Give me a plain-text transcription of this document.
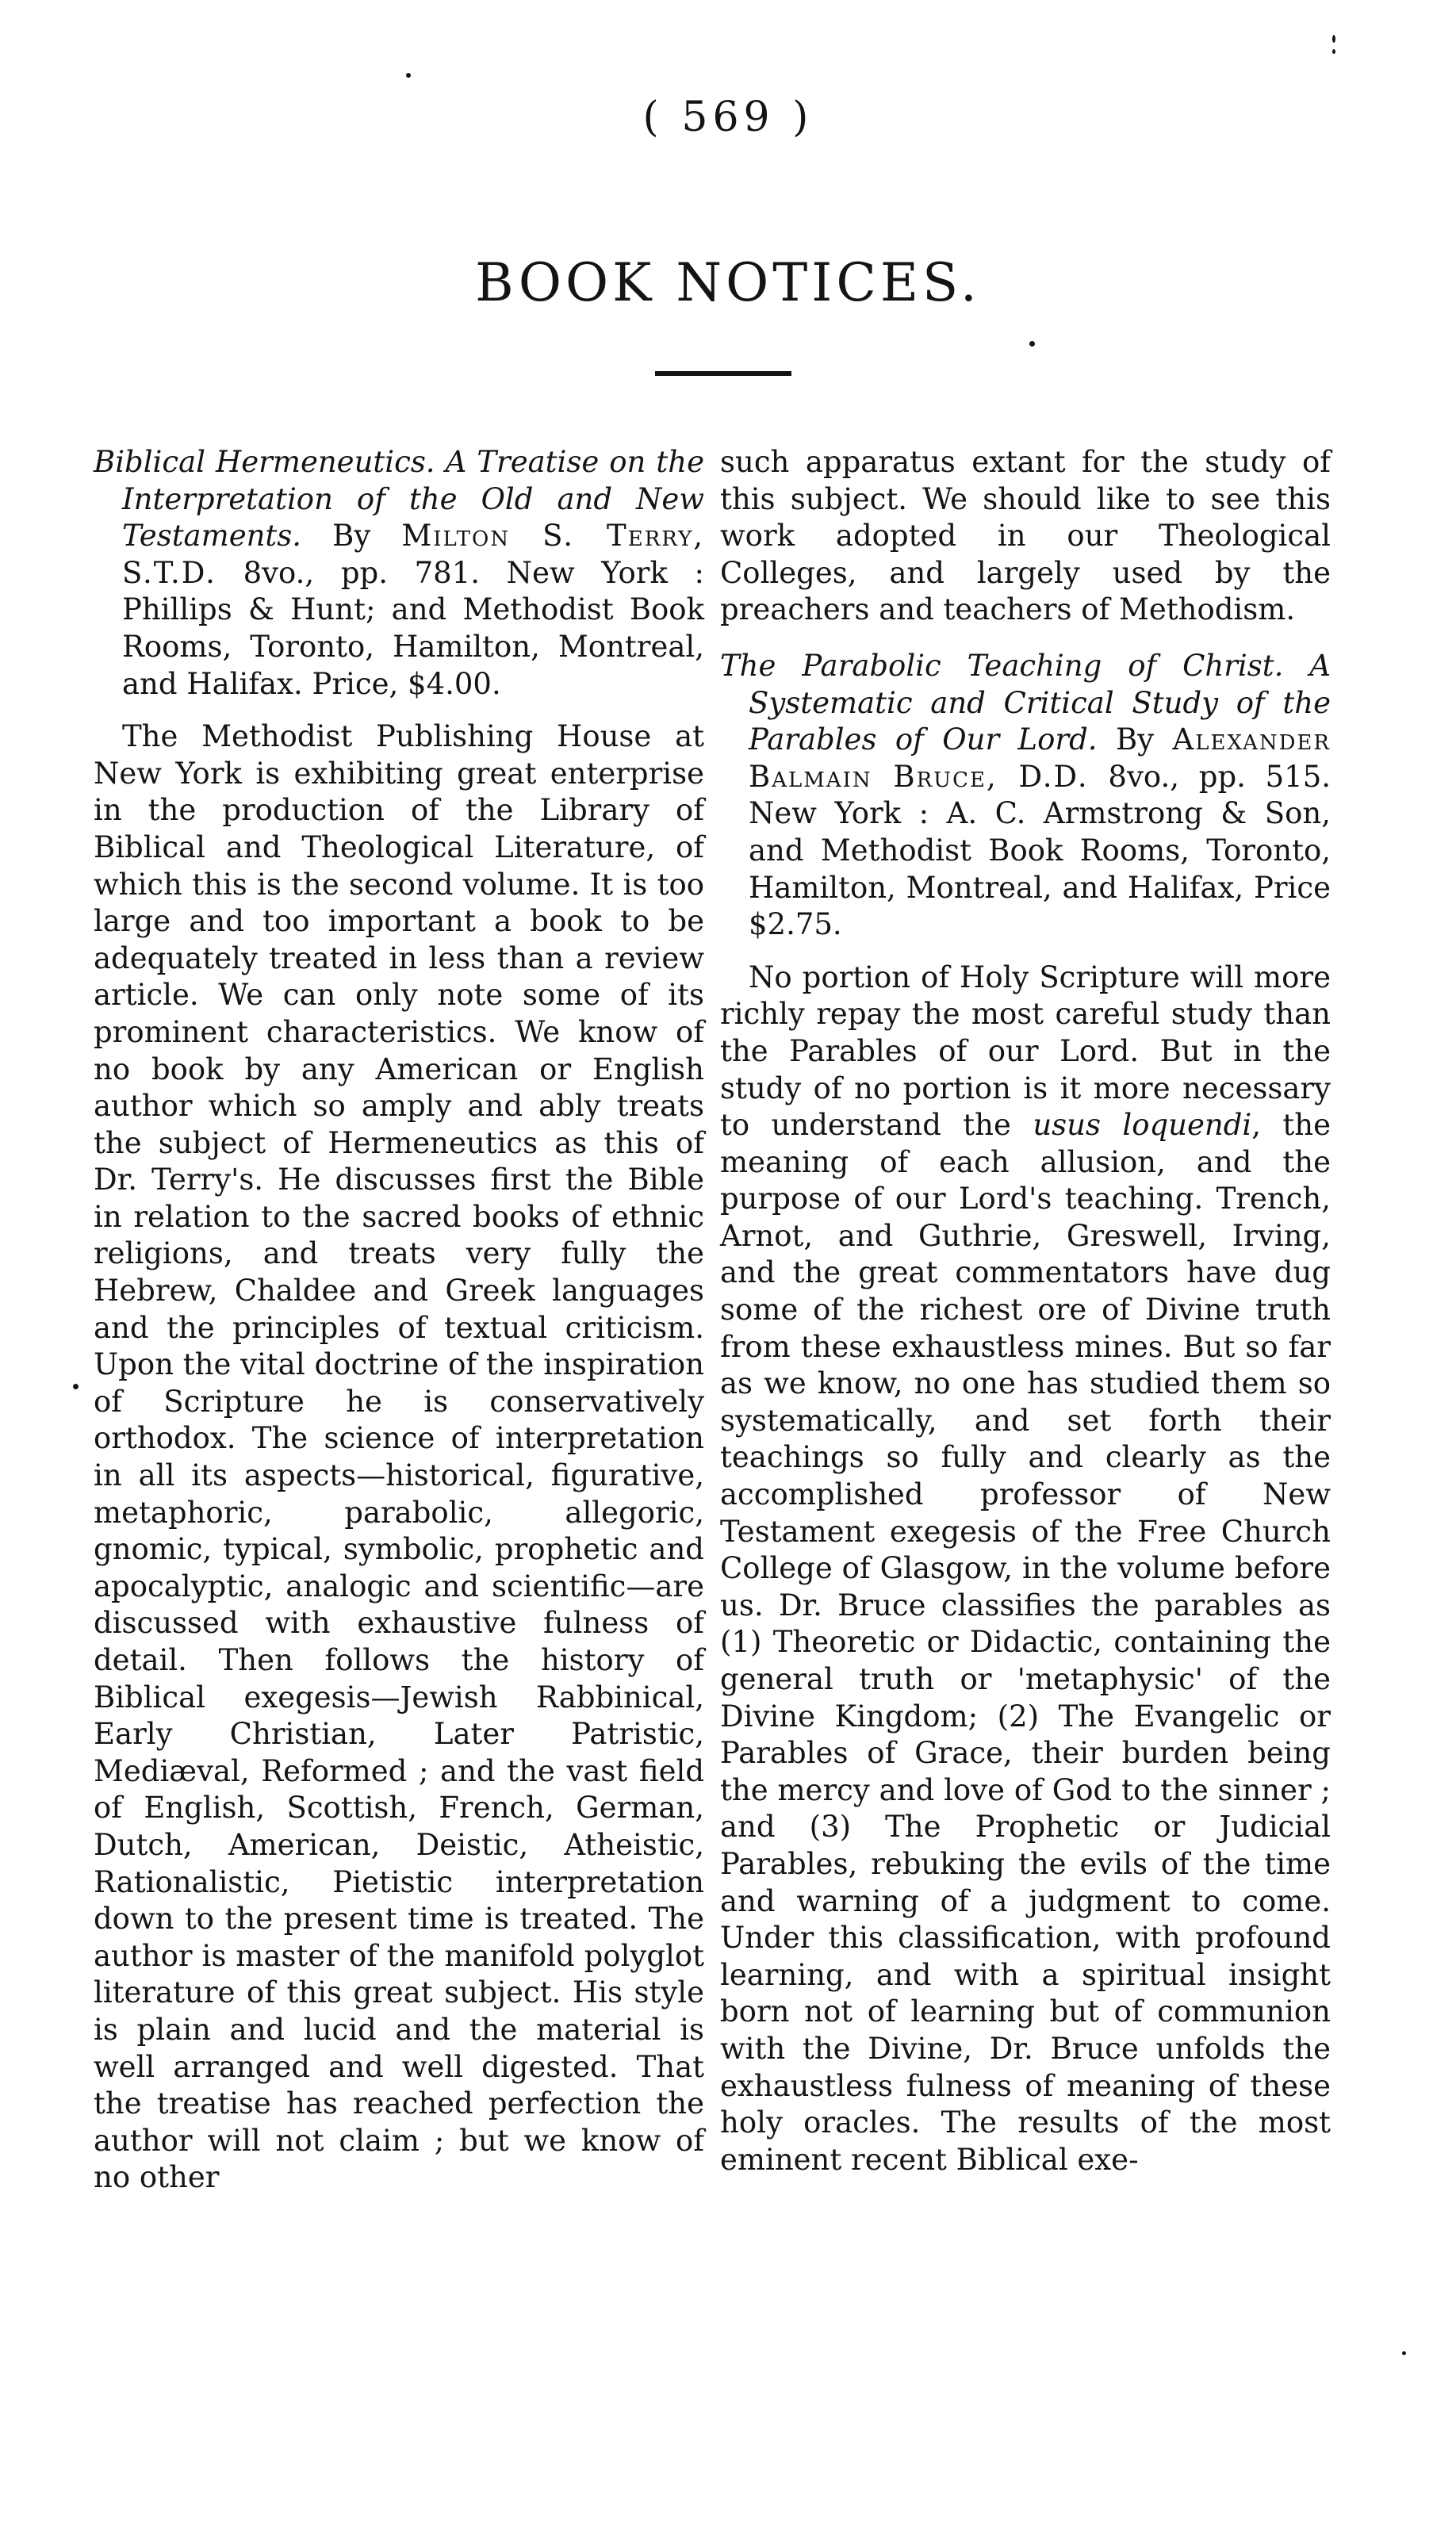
( 569 )
BOOK NOTICES.

Biblical Hermeneutics. A Treatise on the Interpretation of the Old and New Testaments. By Milton S. Terry, S.T.D. 8vo., pp. 781. New York : Phillips & Hunt; and Methodist Book Rooms, Toronto, Hamilton, Montreal, and Halifax. Price, $4.00.

The Methodist Publishing House at New York is exhibiting great enterprise in the production of the Library of Biblical and Theological Literature, of which this is the second volume. It is too large and too important a book to be adequately treated in less than a review article. We can only note some of its prominent characteristics. We know of no book by any American or English author which so amply and ably treats the subject of Hermeneutics as this of Dr. Terry's. He discusses first the Bible in relation to the sacred books of ethnic religions, and treats very fully the Hebrew, Chaldee and Greek languages and the principles of textual criticism. Upon the vital doctrine of the inspiration of Scripture he is conservatively orthodox. The science of interpretation in all its aspects—historical, figurative, metaphoric, parabolic, allegoric, gnomic, typical, symbolic, prophetic and apocalyptic, analogic and scientific—are discussed with exhaustive fulness of detail. Then follows the history of Biblical exegesis—Jewish Rabbinical, Early Christian, Later Patristic, Mediæval, Reformed ; and the vast field of English, Scottish, French, German, Dutch, American, Deistic, Atheistic, Rationalistic, Pietistic interpretation down to the present time is treated. The author is master of the manifold polyglot literature of this great subject. His style is plain and lucid and the material is well arranged and well digested. That the treatise has reached perfection the author will not claim ; but we know of no other

such apparatus extant for the study of this subject. We should like to see this work adopted in our Theological Colleges, and largely used by the preachers and teachers of Methodism.

The Parabolic Teaching of Christ. A Systematic and Critical Study of the Parables of Our Lord. By Alexander Balmain Bruce, D.D. 8vo., pp. 515. New York : A. C. Armstrong & Son, and Methodist Book Rooms, Toronto, Hamilton, Montreal, and Halifax, Price $2.75.

No portion of Holy Scripture will more richly repay the most careful study than the Parables of our Lord. But in the study of no portion is it more necessary to understand the usus loquendi, the meaning of each allusion, and the purpose of our Lord's teaching. Trench, Arnot, and Guthrie, Greswell, Irving, and the great commentators have dug some of the richest ore of Divine truth from these exhaustless mines. But so far as we know, no one has studied them so systematically, and set forth their teachings so fully and clearly as the accomplished professor of New Testament exegesis of the Free Church College of Glasgow, in the volume before us. Dr. Bruce classifies the parables as (1) Theoretic or Didactic, containing the general truth or 'metaphysic' of the Divine Kingdom; (2) The Evangelic or Parables of Grace, their burden being the mercy and love of God to the sinner ; and (3) The Prophetic or Judicial Parables, rebuking the evils of the time and warning of a judgment to come. Under this classification, with profound learning, and with a spiritual insight born not of learning but of communion with the Divine, Dr. Bruce unfolds the exhaustless fulness of meaning of these holy oracles. The results of the most eminent recent Biblical exe-
